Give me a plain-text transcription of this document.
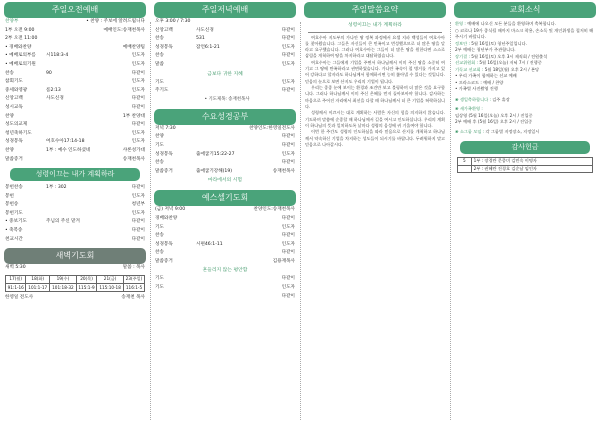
주일오전예배
찬양부	• 찬양 : 주보에 알려드립니다
1부 오전 9:00	예배인도:송재천목사
2부 오전 11:00
• 경배와찬양	예배찬양팀
• 예배로의부름 시118:3-4	인도자
• 예배로의기원	인도자
찬송	90	다같이
참회기도	인도자
중세와영광	롬2:13	인도자
신앙고백	사도신경	다같이
성시교독	다같이
찬양	1부 찬양대
성도의교제	다같이
청년축하기도	인도자
성경봉독	여호수아17:14-18	인도자
찬양	1부 : 예수 인도하셨네	샤론성가대
말씀증거	송재천목사
성령이끄는 내가 계획하라
봉헌찬송	1부 : 302	다같이
봉헌	인도자
봉헌송	청년부
봉헌기도	인도자
• 중보기도	주님의 주신 맡겨	다같이
• 축복송	다같이
천교시간	다같이
새벽기도회
새벽 5:30	말씀 : 목사
17(월)	18(화)	19(수)	20(목)	21(금)	23(주일)
91:1-16	101:1-17	101:18-32	115:1-9	115:10-18	116:1-5
한영일 전도사	송재천 목사
주일저녁예배
오후 3:00 / 7:30
신앙고백	사도신경	다같이
찬송	531	다같이
성경봉독	잠언6:1-21	인도자
찬송	다같이
말씀	인도자
금보다 귀한 지혜
기도	인도자
주기도	다같이
• 기도제목: 송재천목사
수요성경공부
저녁 7:30	찬양인도:한영일전도사
찬양	다같이
기도	다같이
성경봉독	출애굽기15:22-27	인도자
찬송	다같이
말씀증거	출애굽기강해(19)	송재천목사
마라에서의 시험
예스셀기도회
(금) 저녁 9:00	찬양인도:송재천목사
경배와찬양	다같이
기도	인도자
찬송	다같이
성경봉독	시편46:1-11	인도자
찬송	다같이
말씀증거	김용재목사
흔들리지 않는 평안함
기도	다같이
기도	인도자
다같이
주일말씀요약
성령이끄는 내가 계획하라

여호수아 지도부의 가나안 땅 정복 과정에서 요셉 지파 백성들이 여호수아를 찾아왔습니다. 그들은 자신들이 큰 민족이고 번성했으므로 더 많은 땅을 달라고 요구했습니다. 그러나 여호수아는 그들이 더 많은 땅을 원한다면 스스로 삼림을 개척하여 땅을 차지하라고 대답하였습니다.

여호수아는 그들에게 기업을 주면서 하나님께서 이미 주신 땅을 소중히 여기고 그 땅에 만족하라고 권면하였습니다. 가나안 족속이 철 병거를 가지고 있어 강하다고 할지라도 하나님께서 함께하시면 능히 쫓아낼 수 있다는 것입니다. 믿음의 눈으로 보면 산지도 우리의 기업이 됩니다.

우리는 종종 눈에 보이는 환경과 조건만 보고 불평하며 더 많은 것을 요구합니다. 그러나 하나님께서 이미 주신 은혜를 먼저 돌아보아야 합니다. 감사하는 마음으로 주어진 자리에서 최선을 다할 때 하나님께서 더 큰 기업을 허락하십니다.

성령께서 이끄시는 대로 계획하는 사람은 자신의 힘을 의지하지 않습니다. 기도하며 말씀에 순종할 때 하나님께서 길을 여시고 인도하십니다. 우리의 계획이 하나님의 뜻과 일치하도록 날마다 성령의 음성에 귀 기울여야 합니다.

이번 한 주간도 성령의 인도하심을 따라 믿음으로 산지를 개척하고 하나님께서 약속하신 기업을 차지하는 성도들이 되시기를 바랍니다. 두려워하지 말고 믿음으로 나아갑시다.

교회소식
환영 : 예배에 나오신 모든 분들을 환영하며 축복합니다.
○ 코로나 19가 종식될 때까지 마스크 착용, 손소독 및 개인위생을 철저히 해주시기 바랍니다.
정보안 : 5월 16일(토) 청년주일입니다.
2부 예배는 청년부가 주관합니다.
장기결 : 5월 16일(토) 오후 3시 제직회 / 전원출석
선교위원회 : 5월 16일(오늘) 저녁 7시 / 진행중
기독교 선교회 : 5월 18일(월) 오후 2시 / 본당
• 우리 가족이 함께하는 선교 예배
• 프라스코드 : 예배 / 찬양
• 가족별 사진촬영 진행
❀ 생일축하합니다 : 김주 휴장
❀ 새가족환영 :
임상영 (5월 16일(오늘) 오후 2시 / 진입중
2부 예배 후 (5월 16일) 오후 2시 / 진입중
❀ 소그룹 모임 : 각 그룹별 지정장소, 지정일시
감사헌금
5	1부 : 장경란 문종미 김민숙 이명자
	2부 : 권혜란 진경호 김순남 임인자
